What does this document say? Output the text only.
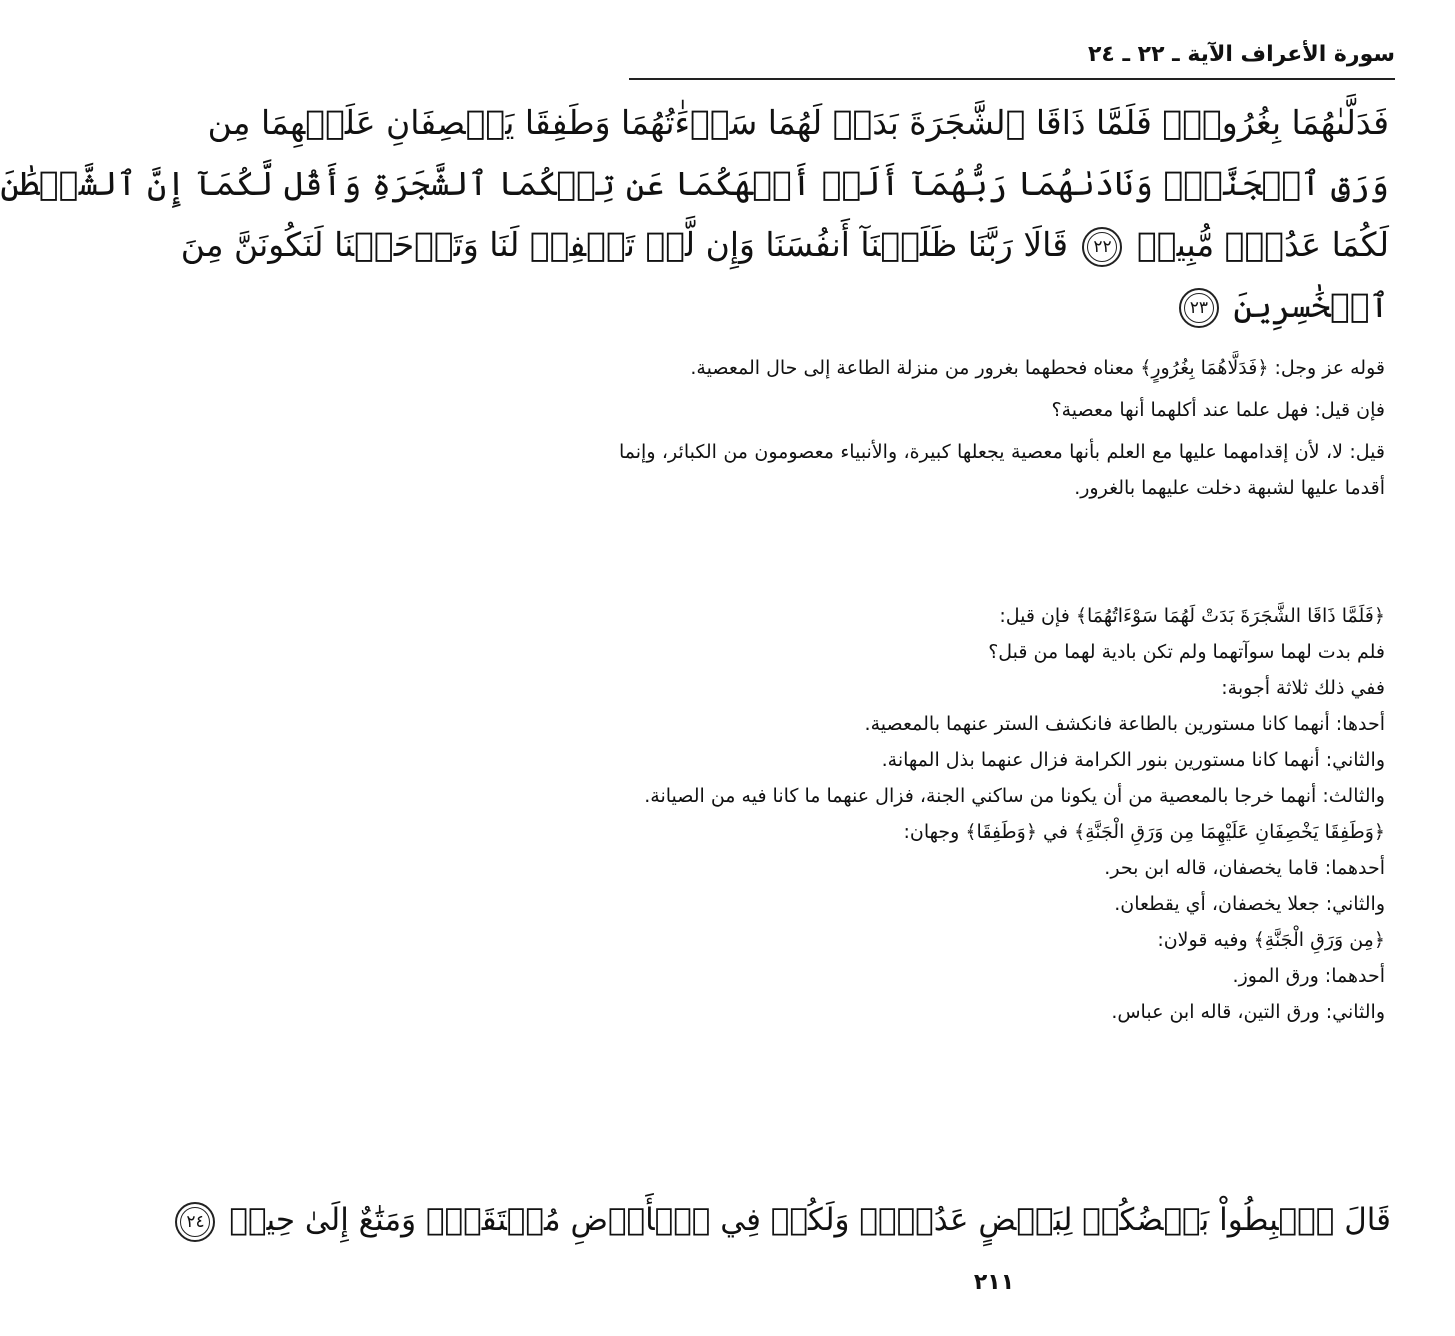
سورة الأعراف الآية ـ ٢٢ ـ ٢٤
فَدَلَّىٰهُمَا بِغُرُورٍۚ فَلَمَّا ذَاقَا ٱلشَّجَرَةَ بَدَتۡ لَهُمَا سَوۡءَٰتُهُمَا وَطَفِقَا يَخۡصِفَانِ عَلَيۡهِمَا مِن
وَرَقِ ٱلۡجَنَّةِۖ وَنَادَىٰهُمَا رَبُّهُمَآ أَلَمۡ أَنۡهَكُمَا عَن تِلۡكُمَا ٱلشَّجَرَةِ وَأَقُل لَّكُمَآ إِنَّ ٱلشَّيۡطَٰنَ
لَكُمَا عَدُوّٞ مُّبِينٞ ٢٢ قَالَا رَبَّنَا ظَلَمۡنَآ أَنفُسَنَا وَإِن لَّمۡ تَغۡفِرۡ لَنَا وَتَرۡحَمۡنَا لَنَكُونَنَّ مِنَ
ٱلۡخَٰسِرِينَ ٢٣

قوله عز وجل: ﴿فَدَلَّاهُمَا بِغُرُورٍ﴾ معناه فحطهما بغرور من منزلة الطاعة إلى حال المعصية.

فإن قيل: فهل علما عند أكلهما أنها معصية؟

قيل: لا، لأن إقدامهما عليها مع العلم بأنها معصية يجعلها كبيرة، والأنبياء معصومون من الكبائر، وإنما أقدما عليها لشبهة دخلت عليهما بالغرور.

﴿فَلَمَّا ذَاقَا الشَّجَرَةَ بَدَتْ لَهُمَا سَوْءَاتُهُمَا﴾ فإن قيل:

فلم بدت لهما سوآتهما ولم تكن بادية لهما من قبل؟

ففي ذلك ثلاثة أجوبة:

أحدها: أنهما كانا مستورين بالطاعة فانكشف الستر عنهما بالمعصية.

والثاني: أنهما كانا مستورين بنور الكرامة فزال عنهما بذل المهانة.

والثالث: أنهما خرجا بالمعصية من أن يكونا من ساكني الجنة، فزال عنهما ما كانا فيه من الصيانة.

﴿وَطَفِقَا يَخْصِفَانِ عَلَيْهِمَا مِن وَرَقِ الْجَنَّةِ﴾ في ﴿وَطَفِقَا﴾ وجهان:

أحدهما: قاما يخصفان، قاله ابن بحر.

والثاني: جعلا يخصفان، أي يقطعان.

﴿مِن وَرَقِ الْجَنَّةِ﴾ وفيه قولان:

أحدهما: ورق الموز.

والثاني: ورق التين، قاله ابن عباس.

قَالَ ٱهۡبِطُواْ بَعۡضُكُمۡ لِبَعۡضٍ عَدُوّٞۖ وَلَكُمۡ فِي ٱلۡأَرۡضِ مُسۡتَقَرّٞ وَمَتَٰعٌ إِلَىٰ حِينٖ ٢٤
٢١١
